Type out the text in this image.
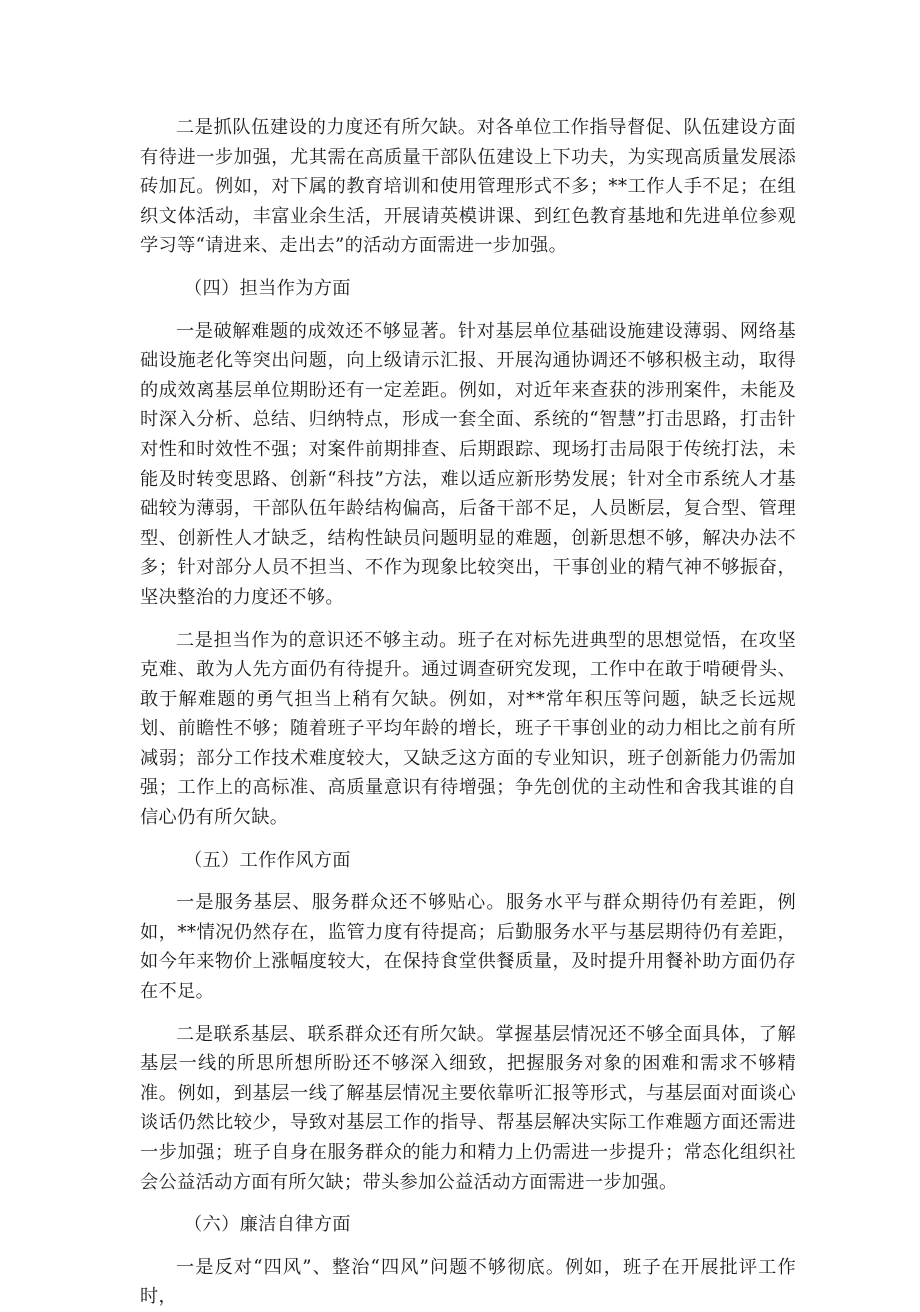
二是抓队伍建设的力度还有所欠缺。对各单位工作指导督促、队伍建设方面有待进一步加强，尤其需在高质量干部队伍建设上下功夫，为实现高质量发展添砖加瓦。例如，对下属的教育培训和使用管理形式不多；**工作人手不足；在组织文体活动，丰富业余生活，开展请英模讲课、到红色教育基地和先进单位参观学习等“请进来、走出去”的活动方面需进一步加强。

（四）担当作为方面

一是破解难题的成效还不够显著。针对基层单位基础设施建设薄弱、网络基础设施老化等突出问题，向上级请示汇报、开展沟通协调还不够积极主动，取得的成效离基层单位期盼还有一定差距。例如，对近年来查获的涉刑案件，未能及时深入分析、总结、归纳特点，形成一套全面、系统的“智慧”打击思路，打击针对性和时效性不强；对案件前期排查、后期跟踪、现场打击局限于传统打法，未能及时转变思路、创新“科技”方法，难以适应新形势发展；针对全市系统人才基础较为薄弱，干部队伍年龄结构偏高，后备干部不足，人员断层，复合型、管理型、创新性人才缺乏，结构性缺员问题明显的难题，创新思想不够，解决办法不多；针对部分人员不担当、不作为现象比较突出，干事创业的精气神不够振奋，坚决整治的力度还不够。

二是担当作为的意识还不够主动。班子在对标先进典型的思想觉悟，在攻坚克难、敢为人先方面仍有待提升。通过调查研究发现，工作中在敢于啃硬骨头、敢于解难题的勇气担当上稍有欠缺。例如，对**常年积压等问题，缺乏长远规划、前瞻性不够；随着班子平均年龄的增长，班子干事创业的动力相比之前有所减弱；部分工作技术难度较大，又缺乏这方面的专业知识，班子创新能力仍需加强；工作上的高标准、高质量意识有待增强；争先创优的主动性和舍我其谁的自信心仍有所欠缺。

（五）工作作风方面

一是服务基层、服务群众还不够贴心。服务水平与群众期待仍有差距，例如，**情况仍然存在，监管力度有待提高；后勤服务水平与基层期待仍有差距，如今年来物价上涨幅度较大，在保持食堂供餐质量，及时提升用餐补助方面仍存在不足。

二是联系基层、联系群众还有所欠缺。掌握基层情况还不够全面具体，了解基层一线的所思所想所盼还不够深入细致，把握服务对象的困难和需求不够精准。例如，到基层一线了解基层情况主要依靠听汇报等形式，与基层面对面谈心谈话仍然比较少，导致对基层工作的指导、帮基层解决实际工作难题方面还需进一步加强；班子自身在服务群众的能力和精力上仍需进一步提升；常态化组织社会公益活动方面有所欠缺；带头参加公益活动方面需进一步加强。

（六）廉洁自律方面

一是反对“四风”、整治“四风”问题不够彻底。例如，班子在开展批评工作时，
